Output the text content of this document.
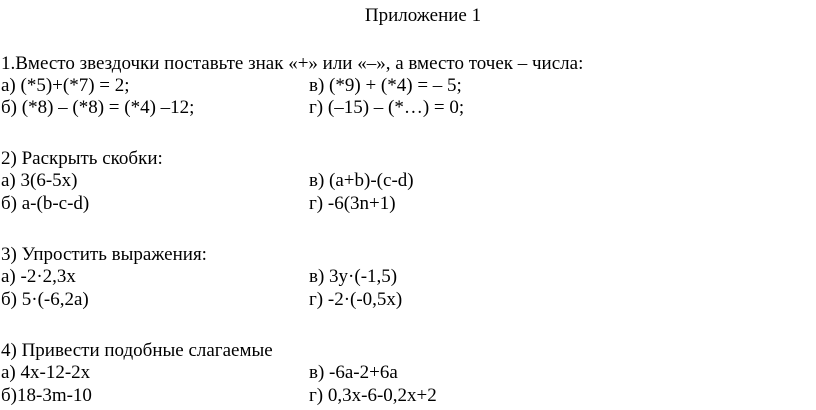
Приложение 1
1.Вместо звездочки поставьте знак «+» или «–», а вместо точек – числа:
а) (*5)+(*7) = 2;	в) (*9) + (*4) = – 5;
б) (*8) – (*8) = (*4) –12;	г) (–15) – (*…) = 0;
2) Раскрыть скобки:
а) 3(6-5х)	в) (а+b)-(c-d)
б) a-(b-c-d)	г) -6(3n+1)
3) Упростить выражения:
а) -2·2,3х	в) 3у·(-1,5)
б) 5·(-6,2а)	г) -2·(-0,5х)
4) Привести подобные слагаемые
а) 4х-12-2х	в) -6а-2+6а
б)18-3m-10	г) 0,3х-6-0,2х+2
